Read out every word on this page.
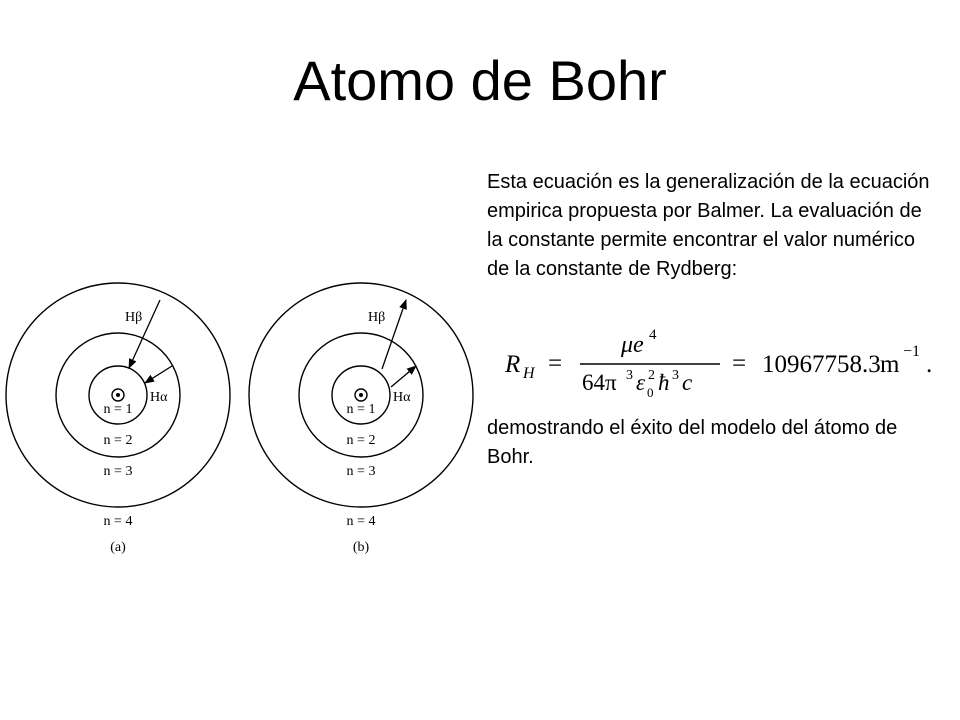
Atomo de Bohr
Hβ
Hα
n = 1
n = 2
n = 3
n = 4
(a)
Hβ
Hα
n = 1
n = 2
n = 3
n = 4
(b)

Esta ecuación es la generalización de la ecuación empirica propuesta por Balmer. La evaluación de la constante permite encontrar el valor numérico de la constante de Rydberg:

R H =
μe 4
64π 3 ε 2
0 ħ 3 c
= 10967758.3 m −1 .

demostrando el éxito del modelo del átomo de Bohr.
